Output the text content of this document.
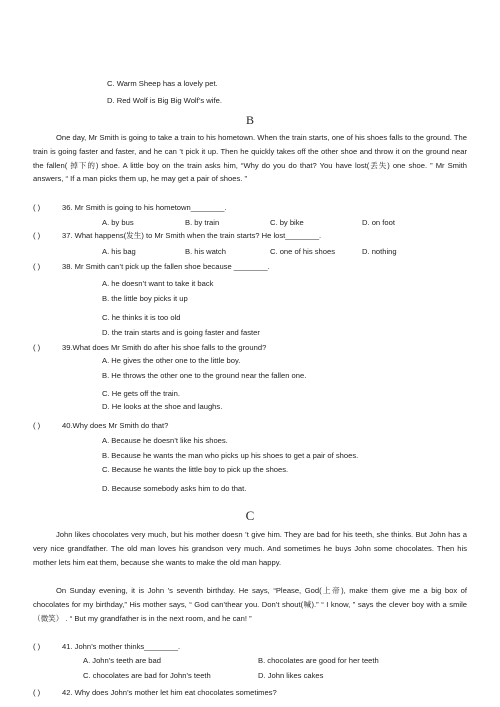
C. Warm Sheep has a lovely pet.
D. Red Wolf is Big Big Wolf’s wife.
B
One day, Mr Smith is going to take a train to his hometown. When the train starts, one of his shoes falls to the ground. The train is going faster and faster, and he can ’t pick it up. Then he quickly takes off the other shoe and throw it on the ground near the fallen( 掉下的) shoe. A little boy on the train asks him, “Why do you do that? You have lost(丢失) one shoe. ” Mr Smith answers, “ If a man picks them up, he may get a pair of shoes. ”
( )	36. Mr Smith is going to his hometown________.
A. by bus	B. by train	C. by bike	D. on foot
( )	37. What happens(发生) to Mr Smith when the train starts? He lost________.
A. his bag	B. his watch	C. one of his shoes	D. nothing
( )	38. Mr Smith can’t pick up the fallen shoe because ________.
A. he doesn’t want to take it back
B. the little boy picks it up
C. he thinks it is too old
D. the train starts and is going faster and faster
( )	39.What does Mr Smith do after his shoe falls to the ground?
A. He gives the other one to the little boy.
B. He throws the other one to the ground near the fallen one.
C. He gets off the train.
D. He looks at the shoe and laughs.
( )	40.Why does Mr Smith do that?
A. Because he doesn’t like his shoes.
B. Because he wants the man who picks up his shoes to get a pair of shoes.
C. Because he wants the little boy to pick up the shoes.
D. Because somebody asks him to do that.
C
John likes chocolates very much, but his mother doesn ’t give him. They are bad for his teeth, she thinks. But John has a very nice grandfather. The old man loves his grandson very much. And sometimes he buys John some chocolates. Then his mother lets him eat them, because she wants to make the old man happy.
On Sunday evening, it is John ’s seventh birthday. He says, “Please, God(上帝), make them give me a big box of chocolates for my birthday,” His mother says, “ God can’thear you. Don’t shout(喊).” “ I know, ” says the clever boy with a smile（微笑） . “ But my grandfather is in the next room, and he can! ”
( )	41. John’s mother thinks________.
A. John’s teeth are bad	B. chocolates are good for her teeth
C. chocolates are bad for John’s teeth	D. John likes cakes
( )	42. Why does John’s mother let him eat chocolates sometimes?
